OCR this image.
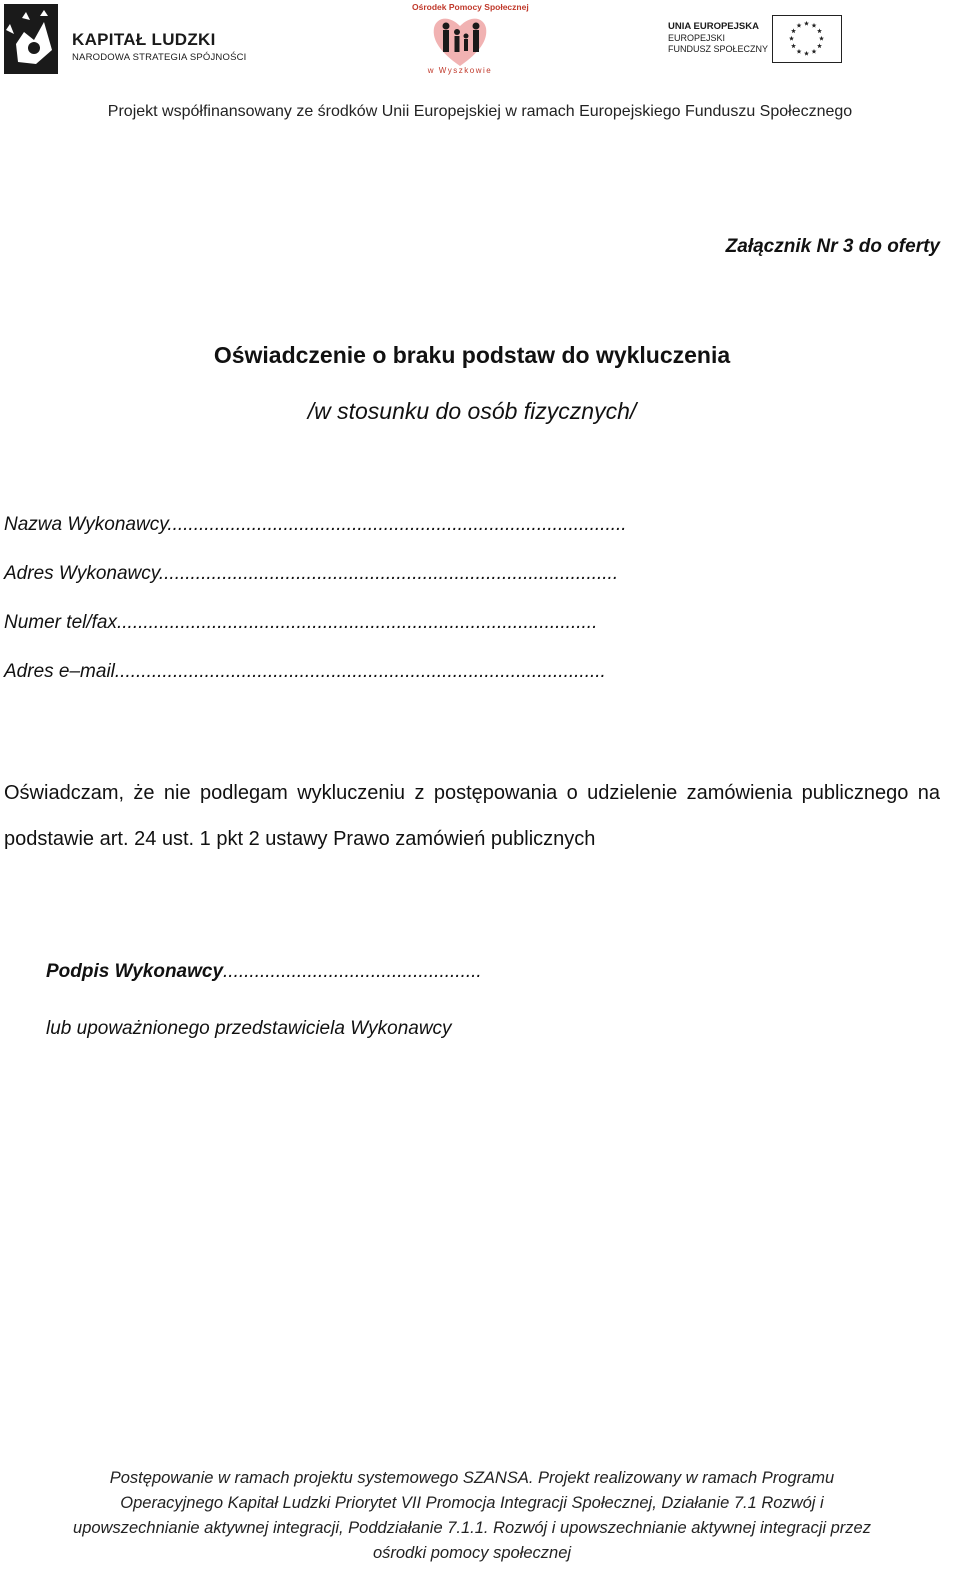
KAPITAŁ LUDZKI
NARODOWA STRATEGIA SPÓJNOŚCI
Ośrodek Pomocy Społecznej
w Wyszkowie
UNIA EUROPEJSKA
EUROPEJSKI
FUNDUSZ SPOŁECZNY
Projekt współfinansowany ze środków Unii Europejskiej w ramach Europejskiego Funduszu Społecznego
Załącznik Nr 3 do oferty
Oświadczenie o braku podstaw do wykluczenia
/w stosunku do osób fizycznych/
Nazwa Wykonawcy.......................................................................................
Adres Wykonawcy.......................................................................................
Numer tel/fax...........................................................................................
Adres e–mail.............................................................................................
Oświadczam, że nie podlegam wykluczeniu z postępowania o udzielenie zamówienia publicznego na podstawie art. 24 ust. 1 pkt 2 ustawy Prawo zamówień publicznych
Podpis Wykonawcy.................................................
lub upoważnionego przedstawiciela Wykonawcy
Postępowanie w ramach projektu systemowego SZANSA. Projekt realizowany w ramach Programu
Operacyjnego Kapitał Ludzki Priorytet VII Promocja Integracji Społecznej, Działanie 7.1 Rozwój i
upowszechnianie aktywnej integracji, Poddziałanie 7.1.1. Rozwój i upowszechnianie aktywnej integracji przez
ośrodki pomocy społecznej
